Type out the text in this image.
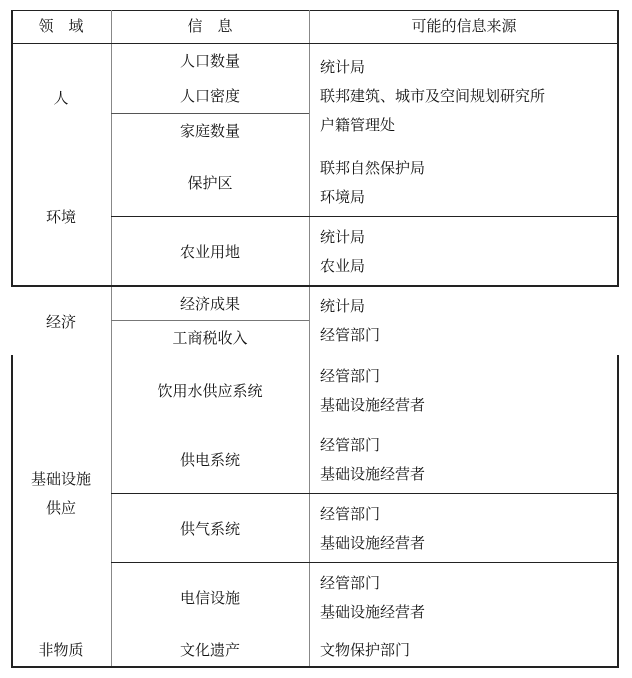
领　域	信　息	可能的信息来源
人
环境
经济
基础设施
供应
非物质
人口数量
人口密度
家庭数量
保护区
农业用地
经济成果
工商税收入
饮用水供应系统
供电系统
供气系统
电信设施
文化遗产
统计局
联邦建筑、城市及空间规划研究所
户籍管理处
联邦自然保护局
环境局
统计局
农业局
统计局
经管部门
经管部门
基础设施经营者
经管部门
基础设施经营者
经管部门
基础设施经营者
经管部门
基础设施经营者
文物保护部门
